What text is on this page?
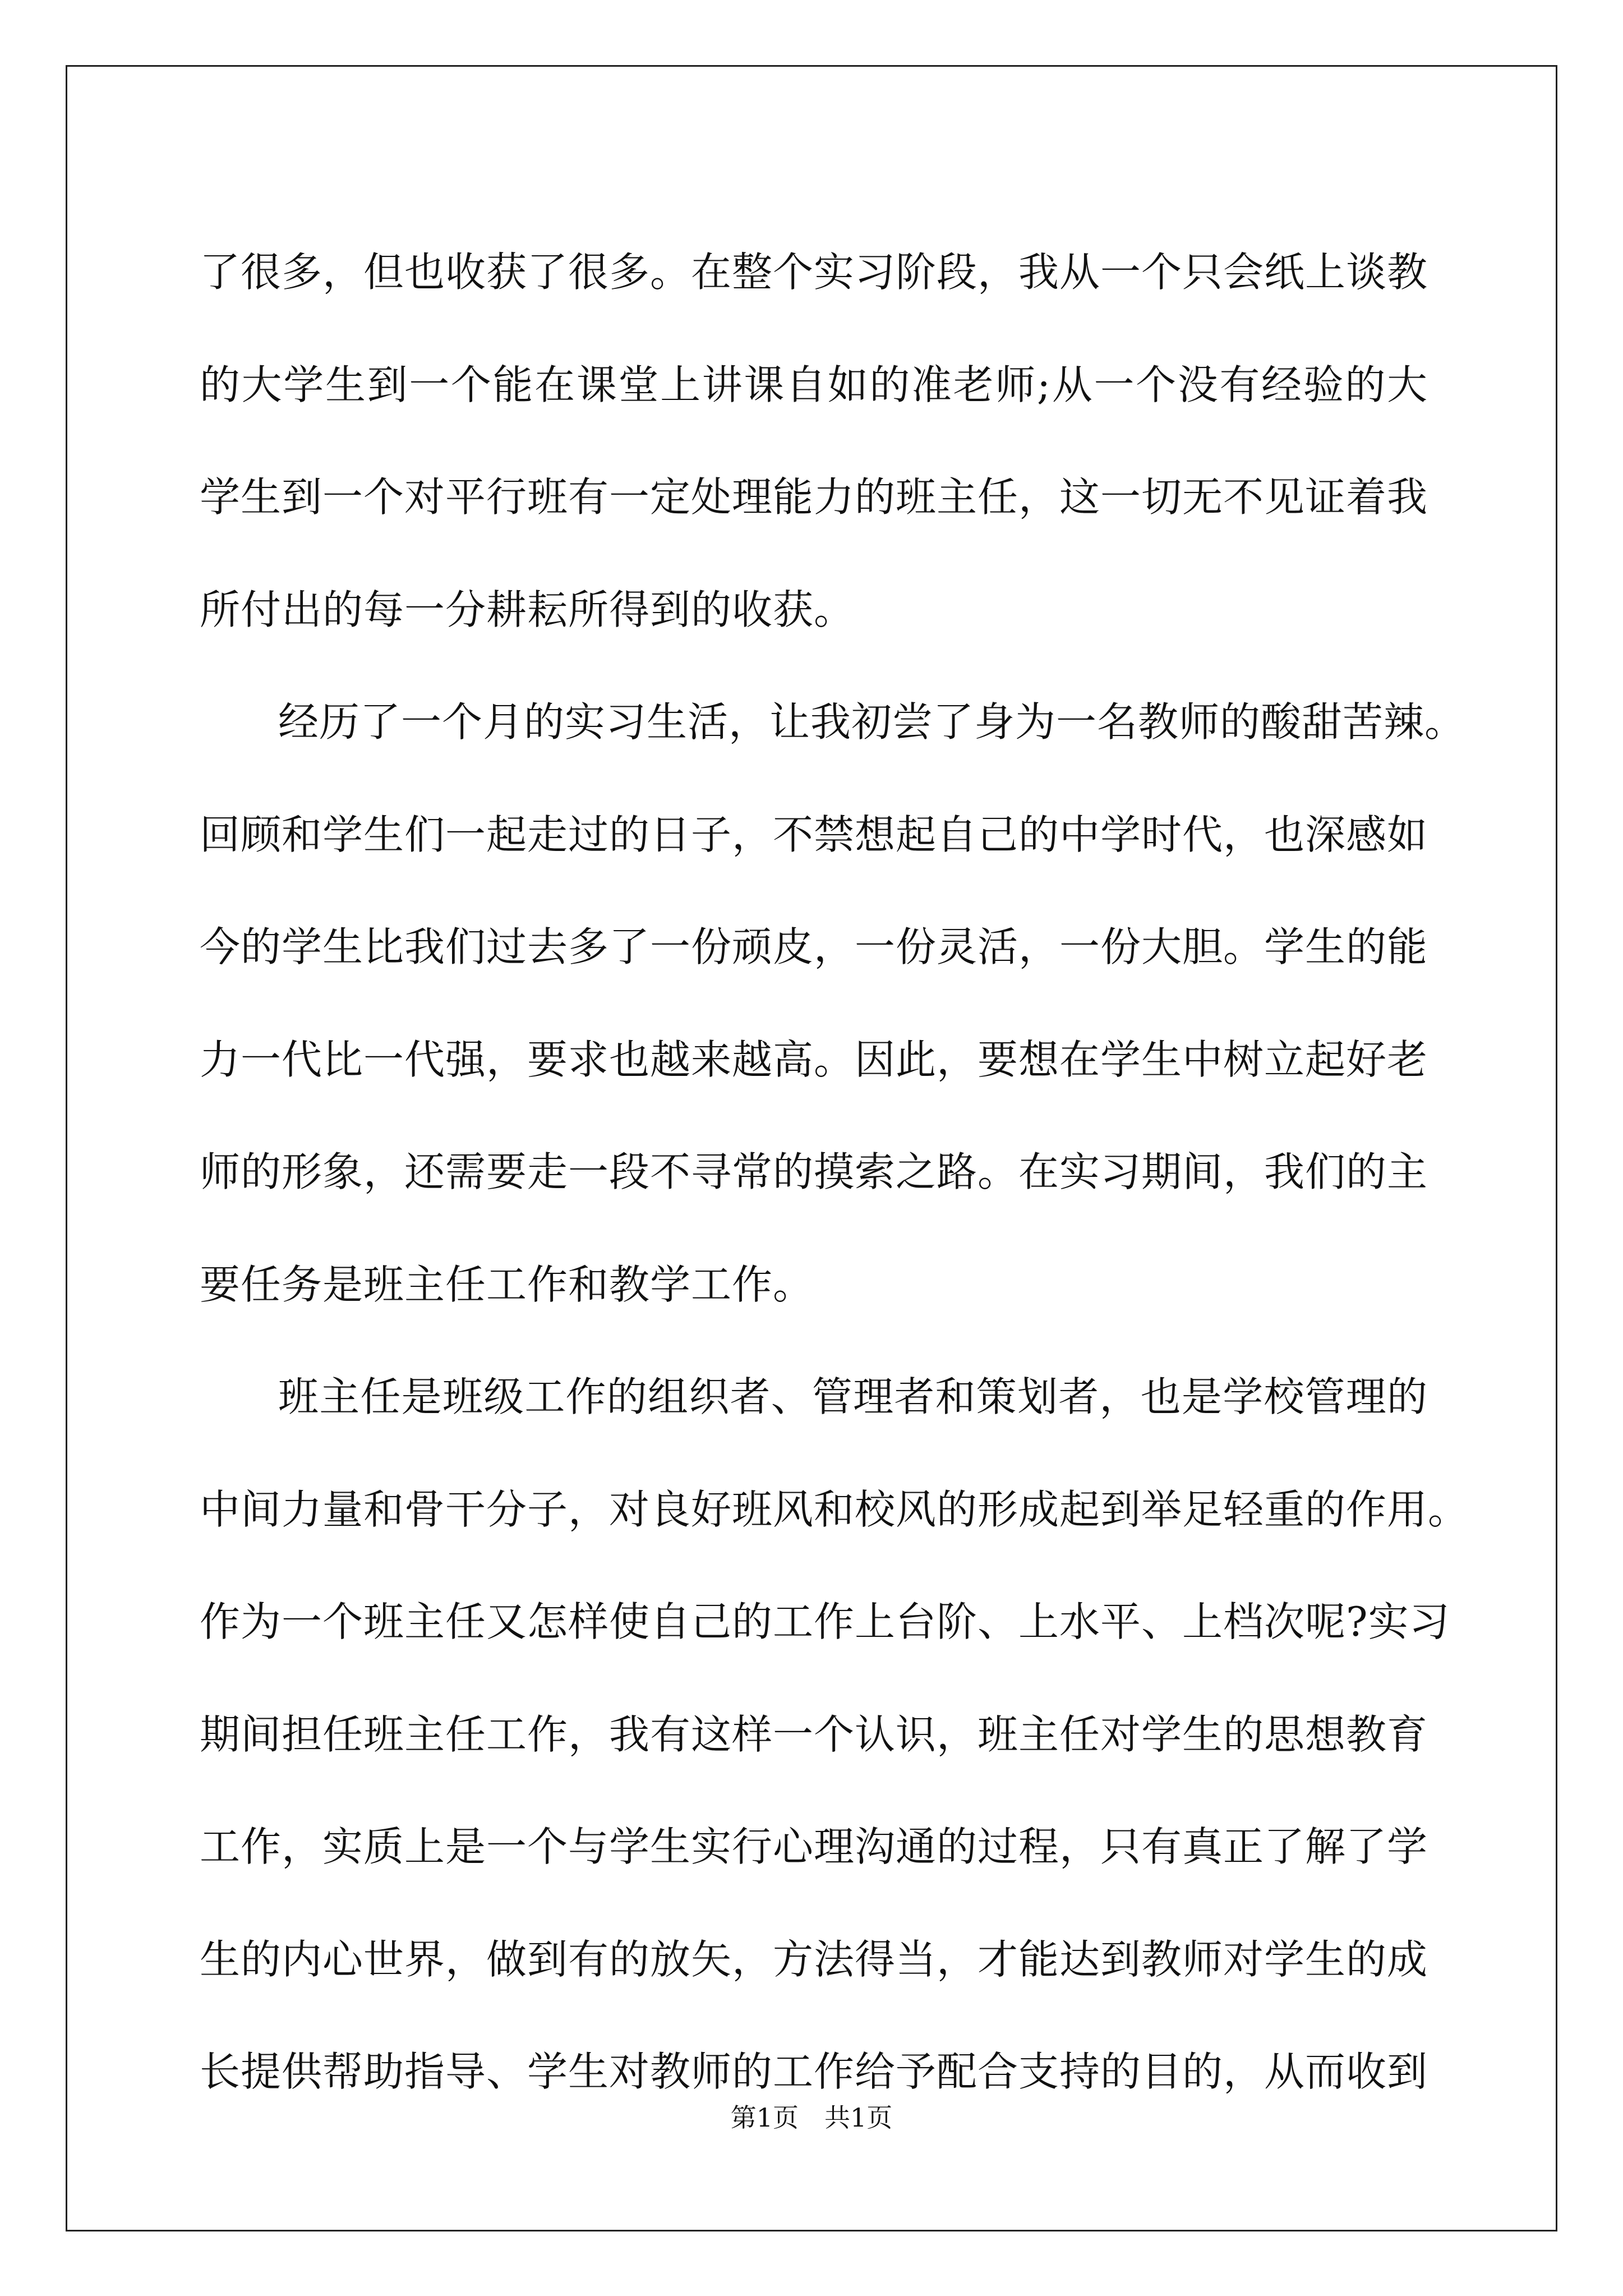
了很多，但也收获了很多。在整个实习阶段，我从一个只会纸上谈教
的大学生到一个能在课堂上讲课自如的准老师;从一个没有经验的大
学生到一个对平行班有一定处理能力的班主任，这一切无不见证着我
所付出的每一分耕耘所得到的收获。
经历了一个月的实习生活，让我初尝了身为一名教师的酸甜苦辣。
回顾和学生们一起走过的日子，不禁想起自己的中学时代，也深感如
今的学生比我们过去多了一份顽皮，一份灵活，一份大胆。学生的能
力一代比一代强，要求也越来越高。因此，要想在学生中树立起好老
师的形象，还需要走一段不寻常的摸索之路。在实习期间，我们的主
要任务是班主任工作和教学工作。
班主任是班级工作的组织者、管理者和策划者，也是学校管理的
中间力量和骨干分子，对良好班风和校风的形成起到举足轻重的作用。
作为一个班主任又怎样使自己的工作上台阶、上水平、上档次呢?实习
期间担任班主任工作，我有这样一个认识，班主任对学生的思想教育
工作，实质上是一个与学生实行心理沟通的过程，只有真正了解了学
生的内心世界，做到有的放矢，方法得当，才能达到教师对学生的成
长提供帮助指导、学生对教师的工作给予配合支持的目的，从而收到
第1页　共1页
